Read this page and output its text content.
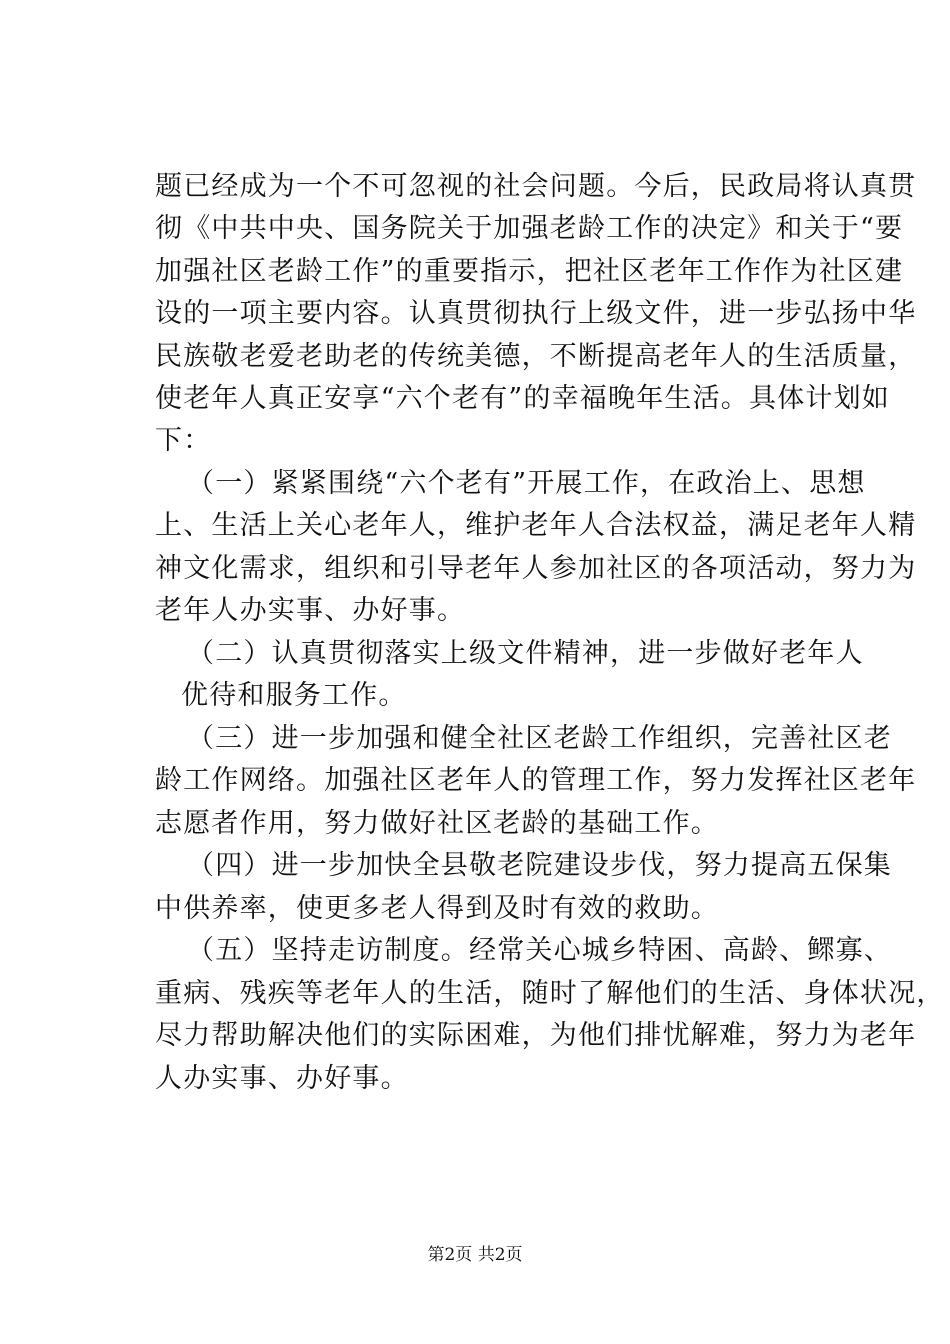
题已经成为一个不可忽视的社会问题。今后，民政局将认真贯
彻《中共中央、国务院关于加强老龄工作的决定》和关于“要
加强社区老龄工作”的重要指示，把社区老年工作作为社区建
设的一项主要内容。认真贯彻执行上级文件，进一步弘扬中华
民族敬老爱老助老的传统美德，不断提高老年人的生活质量，
使老年人真正安享“六个老有”的幸福晚年生活。具体计划如
下：
（一）紧紧围绕“六个老有”开展工作，在政治上、思想
上、生活上关心老年人，维护老年人合法权益，满足老年人精
神文化需求，组织和引导老年人参加社区的各项活动，努力为
老年人办实事、办好事。
（二）认真贯彻落实上级文件精神，进一步做好老年人
优待和服务工作。
（三）进一步加强和健全社区老龄工作组织，完善社区老
龄工作网络。加强社区老年人的管理工作，努力发挥社区老年
志愿者作用，努力做好社区老龄的基础工作。
（四）进一步加快全县敬老院建设步伐，努力提高五保集
中供养率，使更多老人得到及时有效的救助。
（五）坚持走访制度。经常关心城乡特困、高龄、鳏寡、
重病、残疾等老年人的生活，随时了解他们的生活、身体状况，
尽力帮助解决他们的实际困难，为他们排忧解难，努力为老年
人办实事、办好事。
第2页 共2页
